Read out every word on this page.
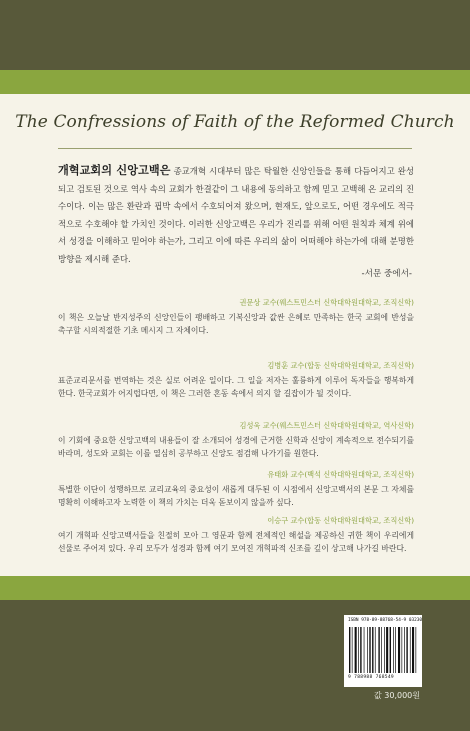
The Confressions of Faith of the Reformed Church
개혁교회의 신앙고백은 종교개혁 시대부터 많은 탁월한 신앙인들을 통해 다듬어지고 완성되고 검토된 것으로 역사 속의 교회가 한결같이 그 내용에 동의하고 함께 믿고 고백해 온 교리의 진수이다. 이는 많은 환란과 핍박 속에서 수호되어져 왔으며, 현재도, 앞으로도, 어떤 경우에도 적극적으로 수호해야 할 가치인 것이다. 이러한 신앙고백은 우리가 진리를 위해 어떤 원칙과 체계 위에서 성경을 이해하고 믿어야 하는가, 그리고 이에 따른 우리의 삶이 어떠해야 하는가에 대해 분명한 방향을 제시해 준다.
-서문 중에서-
권문상 교수(웨스트민스터 신학대학원대학교, 조직신학)
이 책은 오늘날 반지성주의 신앙인들이 팽배하고 기복신앙과 값싼 은혜로 만족하는 한국 교회에 반성을 촉구할 시의적절한 기초 메시지 그 자체이다.
김병훈 교수(합동 신학대학원대학교, 조직신학)
표준교리문서를 번역하는 것은 실로 어려운 일이다. 그 일을 저자는 훌륭하게 이루어 독자들을 행복하게 한다. 한국교회가 어지럽다면, 이 책은 그러한 혼동 속에서 의지 할 길잡이가 될 것이다.
김성욱 교수(웨스트민스터 신학대학원대학교, 역사신학)
이 기회에 중요한 신앙고백의 내용들이 잘 소개되어 성경에 근거한 신학과 신앙이 계속적으로 전수되기를 바라며, 성도와 교회는 이를 열심히 공부하고 신앙도 점검해 나가기를 원한다.
유태화 교수(백석 신학대학원대학교, 조직신학)
특별한 이단이 성행하므로 교리교육의 중요성이 새롭게 대두된 이 시점에서 신앙고백서의 본문 그 자체를 명확히 이해하고자 노력한 이 책의 가치는 더욱 돋보이지 않을까 싶다.
이승구 교수(합동 신학대학원대학교, 조직신학)
여기 개혁파 신앙고백서들을 친절히 모아 그 영문과 함께 전체적인 해설을 제공하신 귀한 책이 우리에게 선물로 주어져 있다. 우리 모두가 성경과 함께 여기 모여진 개혁파적 신조를 깊이 상고해 나가길 바란다.
ISBN 978-89-88768-54-9 03230
9 788988 768549
값 30,000원
